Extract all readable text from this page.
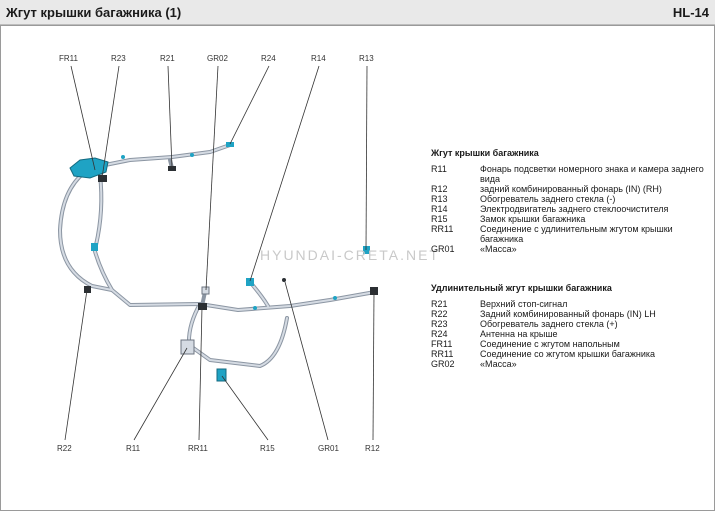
Жгут крышки багажника (1)	HL-14
FR11	R23	R21	GR02	R24	R14	R13
R22	R11	RR11	R15	GR01	R12
HYUNDAI-CRETA.NET
Жгут крышки багажника
R11	Фонарь подсветки номерного знака и камера заднего вида
R12	задний комбинированный фонарь (IN) (RH)
R13	Обогреватель заднего стекла (-)
R14	Электродвигатель заднего стеклоочистителя
R15	Замок крышки багажника
RR11	Соединение с удлинительным жгутом крышки багажника
GR01	«Масса»
Удлинительный жгут крышки багажника
R21	Верхний стоп-сигнал
R22	Задний комбинированный фонарь (IN) LH
R23	Обогреватель заднего стекла (+)
R24	Антенна на крыше
FR11	Соединение с жгутом напольным
RR11	Соединение со жгутом крышки багажника
GR02	«Масса»
